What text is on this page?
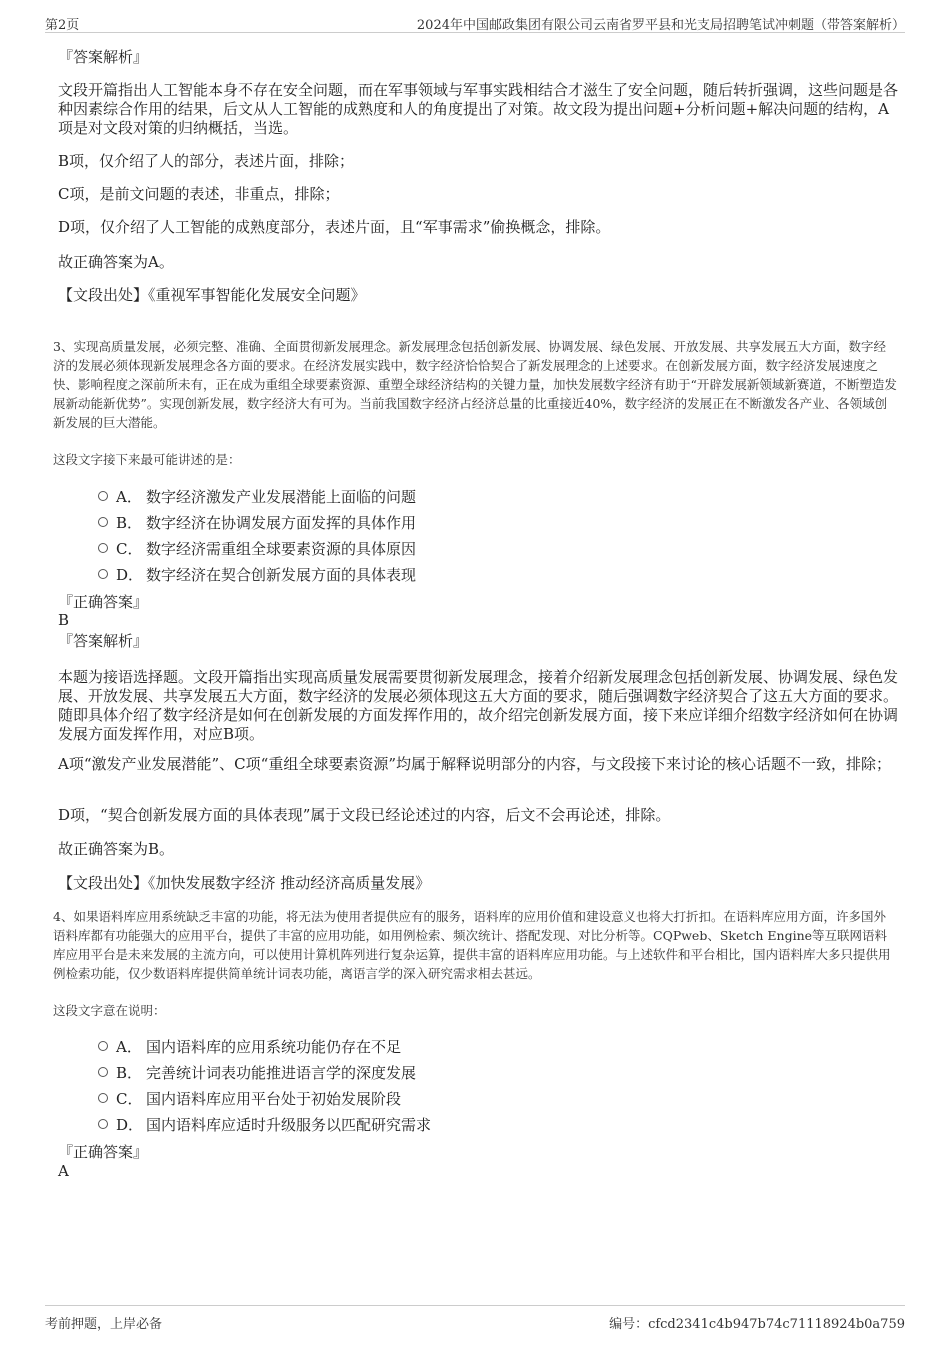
第2页	2024年中国邮政集团有限公司云南省罗平县和光支局招聘笔试冲刺题（带答案解析）
『答案解析』
文段开篇指出人工智能本身不存在安全问题，而在军事领域与军事实践相结合才滋生了安全问题，随后转折强调，这些问题是各种因素综合作用的结果，后文从人工智能的成熟度和人的角度提出了对策。故文段为提出问题+分析问题+解决问题的结构，A项是对文段对策的归纳概括，当选。
B项，仅介绍了人的部分，表述片面，排除；
C项，是前文问题的表述，非重点，排除；
D项，仅介绍了人工智能的成熟度部分，表述片面，且“军事需求”偷换概念，排除。
故正确答案为A。
【文段出处】《重视军事智能化发展安全问题》
3、实现高质量发展，必须完整、准确、全面贯彻新发展理念。新发展理念包括创新发展、协调发展、绿色发展、开放发展、共享发展五大方面，数字经济的发展必须体现新发展理念各方面的要求。在经济发展实践中，数字经济恰恰契合了新发展理念的上述要求。在创新发展方面，数字经济发展速度之快、影响程度之深前所未有，正在成为重组全球要素资源、重塑全球经济结构的关键力量，加快发展数字经济有助于“开辟发展新领域新赛道，不断塑造发展新动能新优势”。实现创新发展，数字经济大有可为。当前我国数字经济占经济总量的比重接近40%，数字经济的发展正在不断激发各产业、各领域创新发展的巨大潜能。
这段文字接下来最可能讲述的是：
A． 数字经济激发产业发展潜能上面临的问题
B． 数字经济在协调发展方面发挥的具体作用
C． 数字经济需重组全球要素资源的具体原因
D． 数字经济在契合创新发展方面的具体表现
『正确答案』
B
『答案解析』
本题为接语选择题。文段开篇指出实现高质量发展需要贯彻新发展理念，接着介绍新发展理念包括创新发展、协调发展、绿色发展、开放发展、共享发展五大方面，数字经济的发展必须体现这五大方面的要求，随后强调数字经济契合了这五大方面的要求。随即具体介绍了数字经济是如何在创新发展的方面发挥作用的，故介绍完创新发展方面，接下来应详细介绍数字经济如何在协调发展方面发挥作用，对应B项。
A项“激发产业发展潜能”、C项“重组全球要素资源”均属于解释说明部分的内容，与文段接下来讨论的核心话题不一致，排除；
D项，“契合创新发展方面的具体表现”属于文段已经论述过的内容，后文不会再论述，排除。
故正确答案为B。
【文段出处】《加快发展数字经济 推动经济高质量发展》
4、如果语料库应用系统缺乏丰富的功能，将无法为使用者提供应有的服务，语料库的应用价值和建设意义也将大打折扣。在语料库应用方面，许多国外语料库都有功能强大的应用平台，提供了丰富的应用功能，如用例检索、频次统计、搭配发现、对比分析等。CQPweb、Sketch Engine等互联网语料库应用平台是未来发展的主流方向，可以使用计算机阵列进行复杂运算，提供丰富的语料库应用功能。与上述软件和平台相比，国内语料库大多只提供用例检索功能，仅少数语料库提供简单统计词表功能，离语言学的深入研究需求相去甚远。
这段文字意在说明：
A． 国内语料库的应用系统功能仍存在不足
B． 完善统计词表功能推进语言学的深度发展
C． 国内语料库应用平台处于初始发展阶段
D． 国内语料库应适时升级服务以匹配研究需求
『正确答案』
A
考前押题，上岸必备	编号：cfcd2341c4b947b74c71118924b0a759
